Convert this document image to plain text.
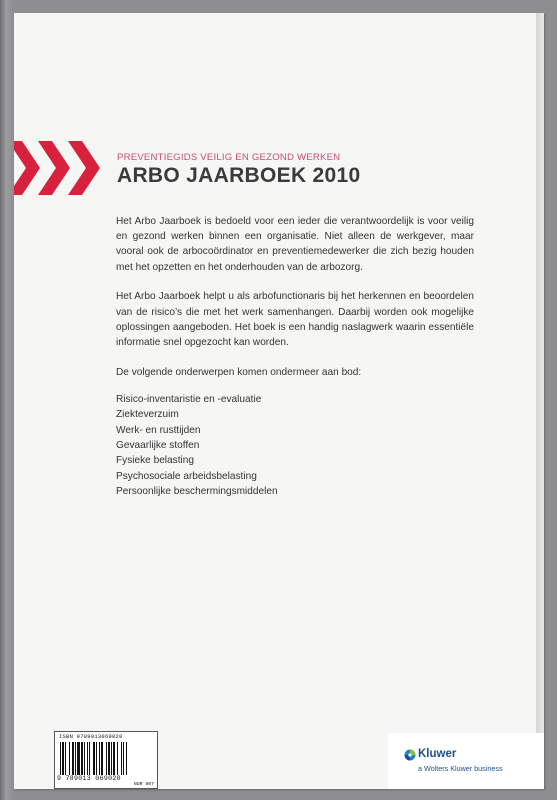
PREVENTIEGIDS VEILIG EN GEZOND WERKEN
ARBO JAARBOEK 2010

Het Arbo Jaarboek is bedoeld voor een ieder die verantwoordelijk is voor veilig en gezond werken binnen een organisatie. Niet alleen de werkgever, maar vooral ook de arbocoördinator en preventiemedewerker die zich bezig houden met het opzetten en het onderhouden van de arbozorg.

Het Arbo Jaarboek helpt u als arbofunctionaris bij het herkennen en beoordelen van de risico’s die met het werk samenhangen. Daarbij worden ook mogelijke oplossingen aangeboden. Het boek is een handig naslagwerk waarin essentiële informatie snel opgezocht kan worden.

De volgende onderwerpen komen ondermeer aan bod:

Risico-inventaristie en -evaluatie
Ziekteverzuim
Werk- en rusttijden
Gevaarlijke stoffen
Fysieke belasting
Psychosociale arbeidsbelasting
Persoonlijke beschermingsmiddelen
ISBN 9789013069020
9 789013 069020
NUR 807
Kluwer
a Wolters Kluwer business
